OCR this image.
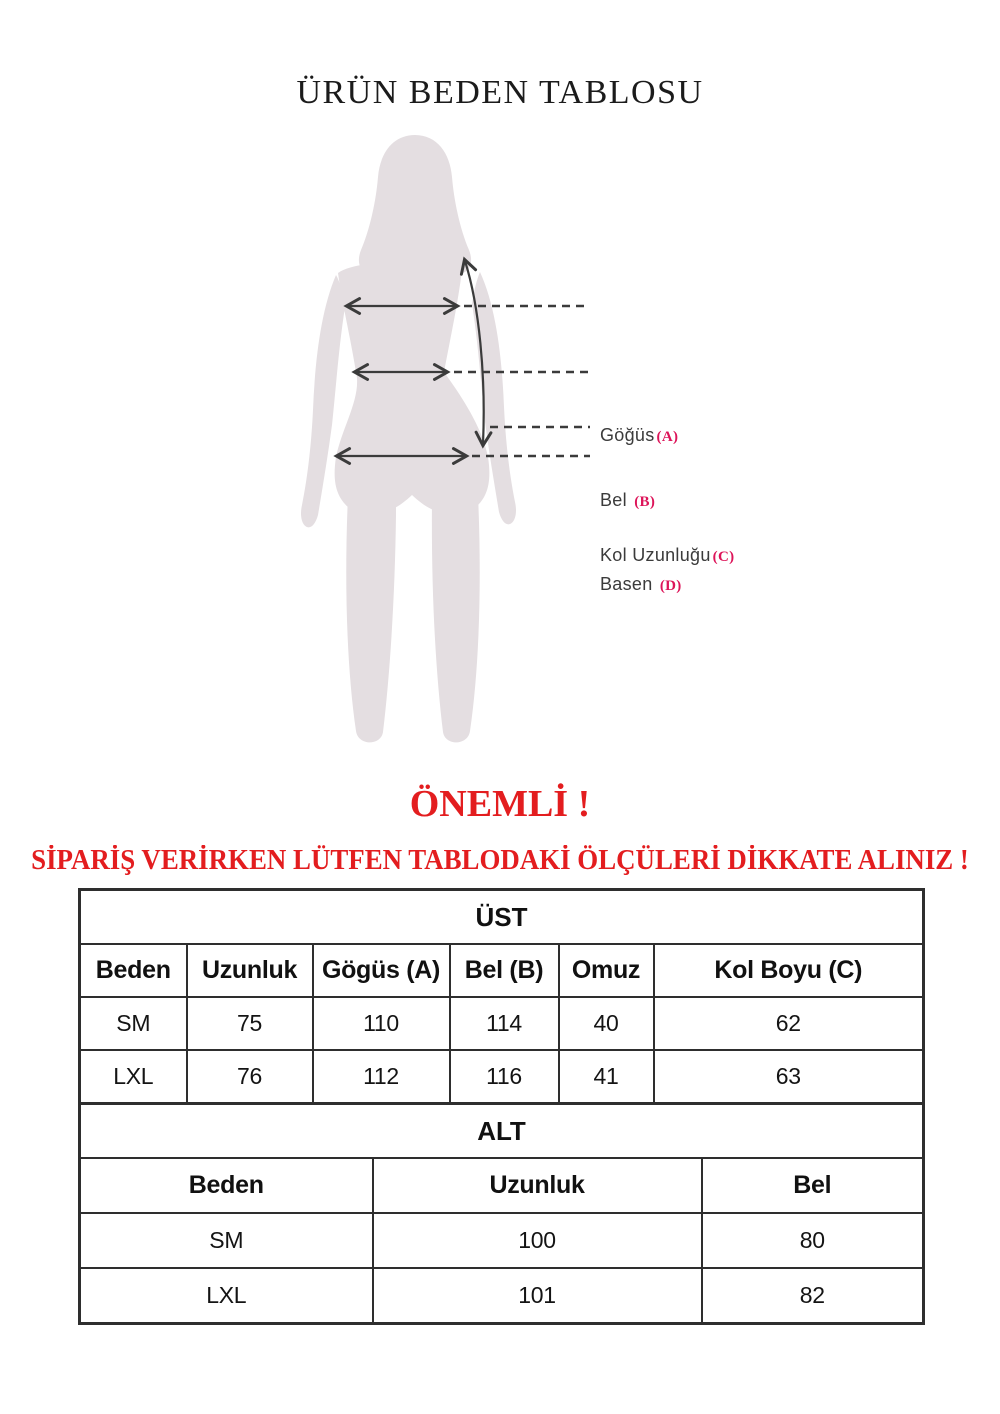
ÜRÜN BEDEN TABLOSU
Göğüs (A)
Bel (B)
Kol Uzunluğu (C)
Basen (D)
ÖNEMLİ !
SİPARİŞ VERİRKEN LÜTFEN TABLODAKİ ÖLÇÜLERİ DİKKATE ALINIZ !
ÜST					
Beden	Uzunluk	Gögüs (A)	Bel (B)	Omuz	Kol Boyu (C)
SM	75	110	114	40	62
LXL	76	112	116	41	63
ALT		
Beden	Uzunluk	Bel
SM	100	80
LXL	101	82
